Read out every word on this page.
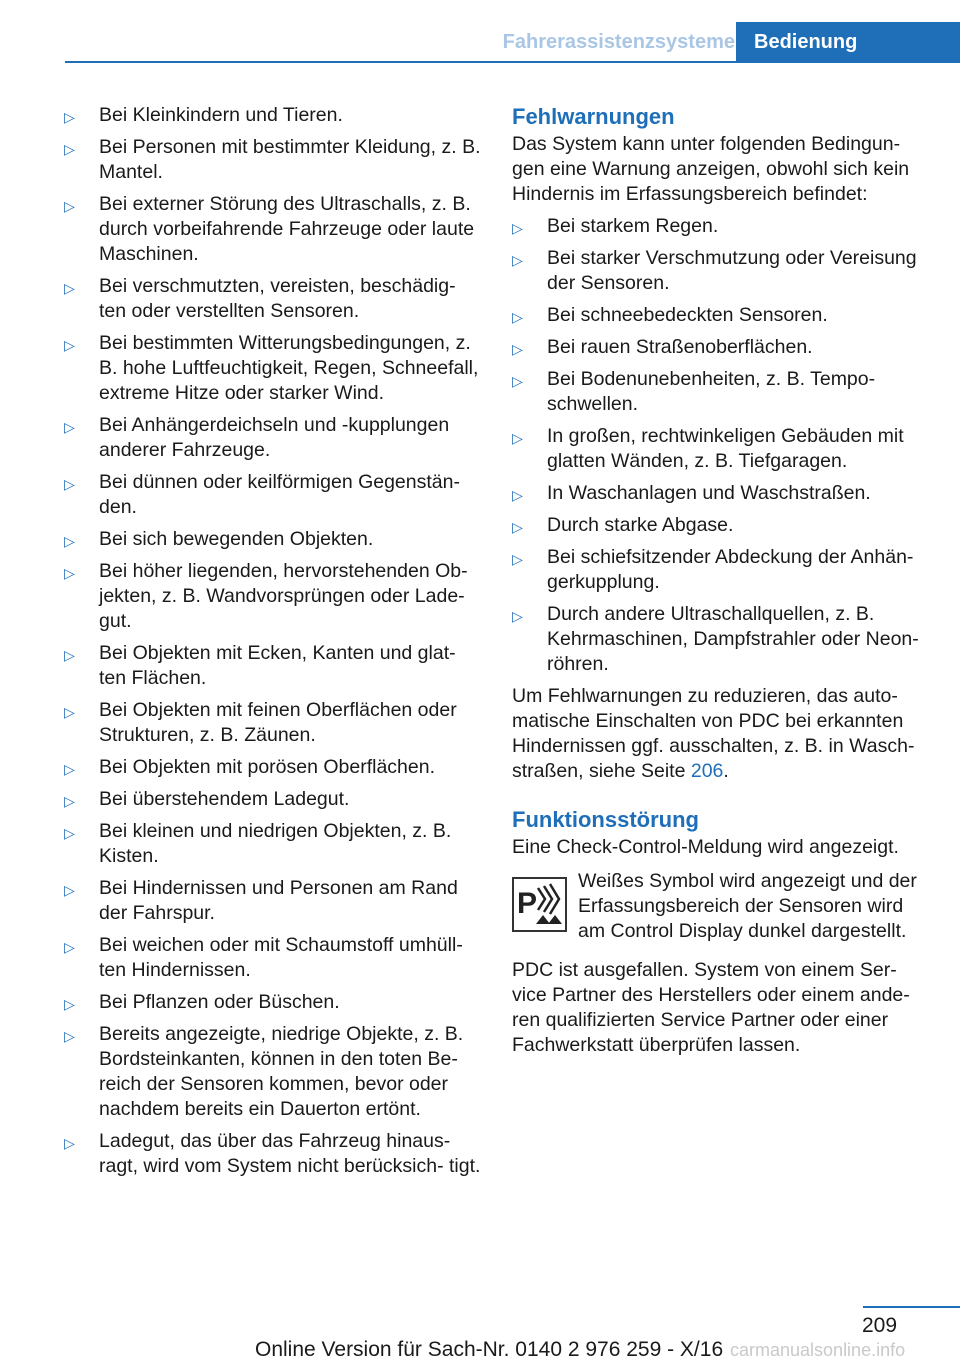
Fahrerassistenzsysteme Bedienung
▷ Bei Kleinkindern und Tieren.
▷ Bei Personen mit bestimmter Kleidung, z. B. Mantel.
▷ Bei externer Störung des Ultraschalls, z. B. durch vorbeifahrende Fahrzeuge oder laute Maschinen.
▷ Bei verschmutzten, vereisten, beschädig‐ ten oder verstellten Sensoren.
▷ Bei bestimmten Witterungsbedingungen, z. B. hohe Luftfeuchtigkeit, Regen, Schneefall, extreme Hitze oder starker Wind.
▷ Bei Anhängerdeichseln und -kupplungen anderer Fahrzeuge.
▷ Bei dünnen oder keilförmigen Gegenstän‐ den.
▷ Bei sich bewegenden Objekten.
▷ Bei höher liegenden, hervorstehenden Ob‐ jekten, z. B. Wandvorsprüngen oder Lade‐ gut.
▷ Bei Objekten mit Ecken, Kanten und glat‐ ten Flächen.
▷ Bei Objekten mit feinen Oberflächen oder Strukturen, z. B. Zäunen.
▷ Bei Objekten mit porösen Oberflächen.
▷ Bei überstehendem Ladegut.
▷ Bei kleinen und niedrigen Objekten, z. B. Kisten.
▷ Bei Hindernissen und Personen am Rand der Fahrspur.
▷ Bei weichen oder mit Schaumstoff umhüll‐ ten Hindernissen.
▷ Bei Pflanzen oder Büschen.
▷ Bereits angezeigte, niedrige Objekte, z. B. Bordsteinkanten, können in den toten Be‐ reich der Sensoren kommen, bevor oder nachdem bereits ein Dauerton ertönt.
▷ Ladegut, das über das Fahrzeug hinaus‐ ragt, wird vom System nicht berücksich‐ tigt.
Fehlwarnungen

Das System kann unter folgenden Bedingun‐ gen eine Warnung anzeigen, obwohl sich kein Hindernis im Erfassungsbereich befindet:

▷ Bei starkem Regen.
▷ Bei starker Verschmutzung oder Vereisung der Sensoren.
▷ Bei schneebedeckten Sensoren.
▷ Bei rauen Straßenoberflächen.
▷ Bei Bodenunebenheiten, z. B. Tempo‐ schwellen.
▷ In großen, rechtwinkeligen Gebäuden mit glatten Wänden, z. B. Tiefgaragen.
▷ In Waschanlagen und Waschstraßen.
▷ Durch starke Abgase.
▷ Bei schiefsitzender Abdeckung der Anhän‐ gerkupplung.
▷ Durch andere Ultraschallquellen, z. B. Kehrmaschinen, Dampfstrahler oder Neon‐ röhren.

Um Fehlwarnungen zu reduzieren, das auto‐ matische Einschalten von PDC bei erkannten Hindernissen ggf. ausschalten, z. B. in Wasch‐ straßen, siehe Seite 206.

Funktionsstörung

Eine Check-Control-Meldung wird angezeigt.

P

Weißes Symbol wird angezeigt und der Erfassungsbereich der Sensoren wird am Control Display dunkel dargestellt.

PDC ist ausgefallen. System von einem Ser‐ vice Partner des Herstellers oder einem ande‐ ren qualifizierten Service Partner oder einer Fachwerkstatt überprüfen lassen.

209
Online Version für Sach-Nr. 0140 2 976 259 - X/16 carmanualsonline.info
